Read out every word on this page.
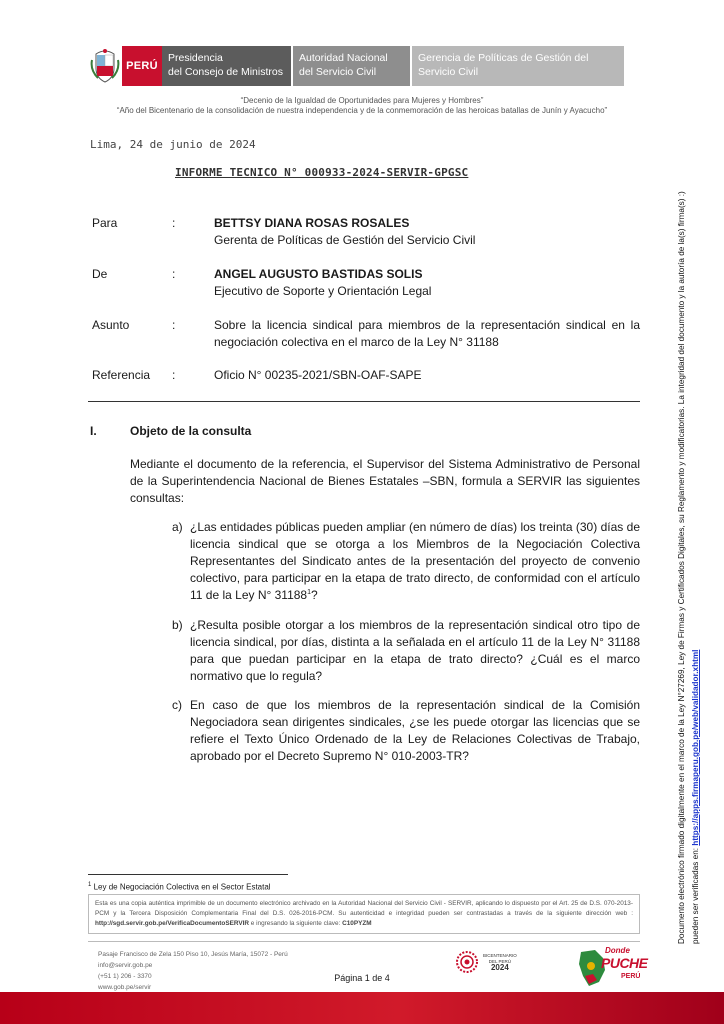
PERÚ
Presidencia
del Consejo de Ministros
Autoridad Nacional
del Servicio Civil
Gerencia de Políticas de Gestión del
Servicio Civil
“Decenio de la Igualdad de Oportunidades para Mujeres y Hombres”
“Año del Bicentenario de la consolidación de nuestra independencia y de la conmemoración de las heroicas batallas de Junín y Ayacucho”
Lima, 24 de junio de 2024
INFORME TECNICO N° 000933-2024-SERVIR-GPGSC
Para	:	BETTSY DIANA ROSAS ROSALES
Gerenta de Políticas de Gestión del Servicio Civil
De	:	ANGEL AUGUSTO BASTIDAS SOLIS
Ejecutivo de Soporte y Orientación Legal
Asunto	:	Sobre la licencia sindical para miembros de la representación sindical en la negociación colectiva en el marco de la Ley N° 31188
Referencia :	Oficio N° 00235-2021/SBN-OAF-SAPE
I.	Objeto de la consulta
Mediante el documento de la referencia, el Supervisor del Sistema Administrativo de Personal de la Superintendencia Nacional de Bienes Estatales –SBN, formula a SERVIR las siguientes consultas:
a) ¿Las entidades públicas pueden ampliar (en número de días) los treinta (30) días de licencia sindical que se otorga a los Miembros de la Negociación Colectiva Representantes del Sindicato antes de la presentación del proyecto de convenio colectivo, para participar en la etapa de trato directo, de conformidad con el artículo 11 de la Ley N° 31188$^1$?
b) ¿Resulta posible otorgar a los miembros de la representación sindical otro tipo de licencia sindical, por días, distinta a la señalada en el artículo 11 de la Ley N° 31188 para que puedan participar en la etapa de trato directo? ¿Cuál es el marco normativo que lo regula?
c) En caso de que los miembros de la representación sindical de la Comisión Negociadora sean dirigentes sindicales, ¿se les puede otorgar las licencias que se refiere el Texto Único Ordenado de la Ley de Relaciones Colectivas de Trabajo, aprobado por el Decreto Supremo N° 010-2003-TR?
$^1$ Ley de Negociación Colectiva en el Sector Estatal
Esta es una copia auténtica imprimible de un documento electrónico archivado en la Autoridad Nacional del Servicio Civil - SERVIR, aplicando lo dispuesto por el Art. 25 de D.S. 070-2013-PCM y la Tercera Disposición Complementaria Final del D.S. 026-2016-PCM. Su autenticidad e integridad pueden ser contrastadas a través de la siguiente dirección web : http://sgd.servir.gob.pe/VerificaDocumentoSERVIR e ingresando la siguiente clave: C10PYZM
Pasaje Francisco de Zela 150 Piso 10, Jesús María, 15072 - Perú
info@servir.gob.pe
(+51 1) 206 - 3370
www.gob.pe/servir
Página 1 de 4
BICENTENARIO
DEL PERÚ
2024
Donde
PUCHE
PERÚ
Documento electrónico firmado digitalmente en el marco de la Ley N°27269, Ley de Firmas y Certificados Digitales, su Reglamento y modificatorias. La integridad del documento y la autoría de la(s) firma(s) :) pueden ser verificadas en: https://apps.firmaperu.gob.pe/web/validador.xhtml
